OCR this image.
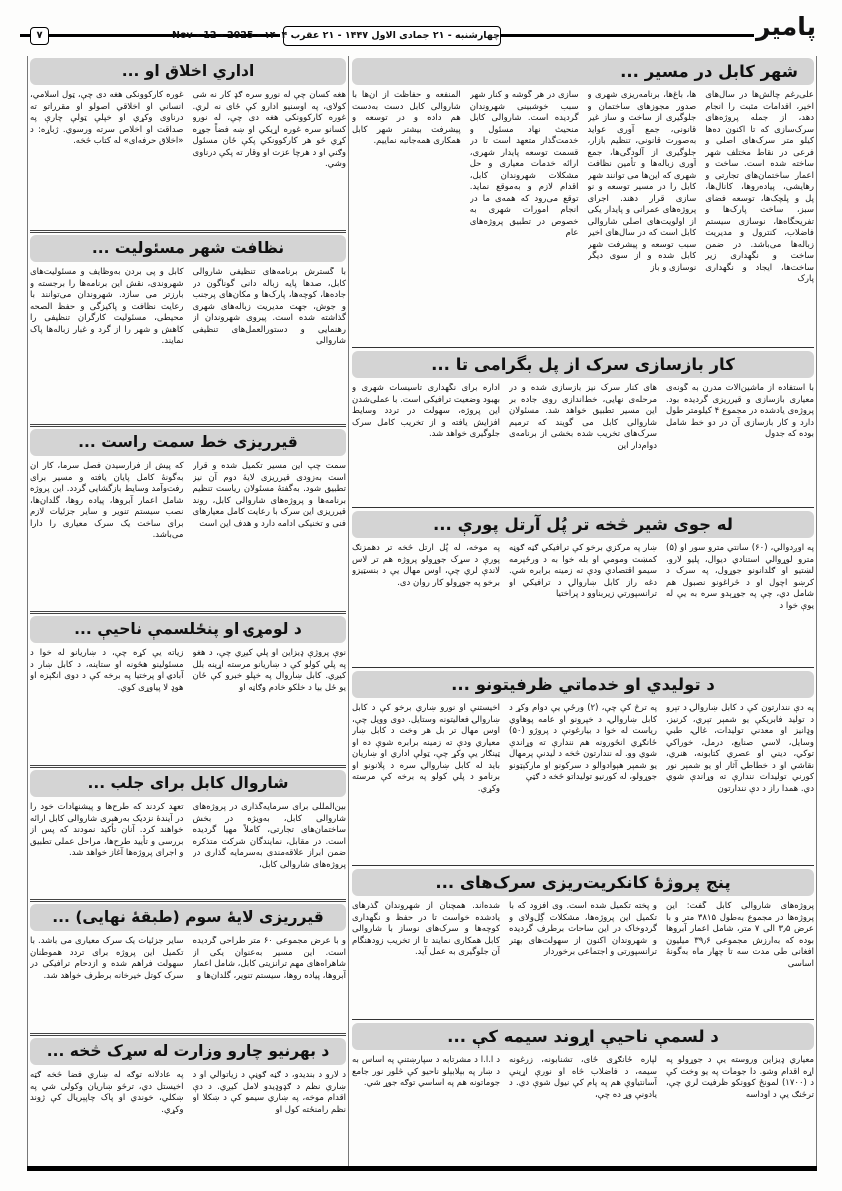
پامیر
چهارشنبه - ۲۱ جمادی الاول ۱۴۴۷ - ۲۱ عقرب ۱۴۰۴ - Nov - 12 - 2025
۷
شهر کابل در مسیر ...
علی‌رغم چالش‌ها در سال‌های اخیر، اقدامات مثبت را انجام دهد، از جمله پروژه‌های سرک‌سازی که تا اکنون ده‌ها کیلو متر سرک‌های اصلی و فرعی در نقاط مختلف شهر ساخته شده است. ساخت و اعمار ساختمان‌های تجارتی و رهایشی، پیاده‌روها، کانال‌ها، پل و پلچک‌ها، توسعه فضای سبز، ساخت پارک‌ها و تفریحگاه‌ها، نوسازی سیستم فاضلاب، کنترول و مدیریت زباله‌ها می‌باشد. در ضمن ساخت و نگهداری زیر ساخت‌ها، ایجاد و نگهداری پارک
ها، باغ‌ها، برنامه‌ریزی شهری و صدور مجوزهای ساختمان و جلوگیری از ساخت و ساز غیر قانونی، جمع آوری عواید به‌صورت قانونی، تنظیم بازار، جلوگیری از آلودگی‌ها، جمع آوری زباله‌ها و تأمین نظافت شهری که این‌ها می توانند شهر کابل را در مسیر توسعه و نو سازی قرار دهند. اجرای پروژه‌های عمرانی و پایدار یکی از اولویت‌های اصلی شاروالی کابل است که در سال‌های اخیر سبب توسعه و پیشرفت شهر کابل شده و از سوی دیگر نوسازی و باز
سازی در هر گوشه و کنار شهر سبب خوشبینی شهروندان گردیده است. شاروالی کابل منحیث نهاد مسئول و خدمت‌گذار متعهد است تا در قسمت توسعه پایدار شهری، ارائه خدمات معیاری و حل مشکلات شهروندان کابل، اقدام لازم و به‌موقع نماید. توقع می‌رود که همه‌ی ما در انجام امورات شهری به خصوص در تطبیق پروژه‌های عام
المنفعه و حفاظت از آن‌ها با شاروالی کابل دست به‌دست هم داده و در توسعه و پیشرفت بیشتر شهر کابل همکاری همه‌جانبه نماییم.
کار بازسازی سرک از پل بگرامی تا ...
با استفاده از ماشین‌آلات مدرن به گونه‌ی معیاری بازسازی و قیرریزی گردیده بود. پروژه‌ی یادشده در مجموع ۴ کیلومتر طول دارد و کار بازسازی آن در دو خط شامل بوده که جدول
های کنار سرک نیز بازسازی شده و در مرحله‌ی نهایی، خط‌اندازی روی جاده بر این مسیر تطبیق خواهد شد. مسئولان شاروالی کابل می گویند که ترمیم سرک‌های تخریب شده بخشی از برنامه‌ی دوام‌دار این
اداره برای نگهداری تأسیسات شهری و بهبود وضعیت ترافیکی است. با عملی‌شدن این پروژه، سهولت در تردد وسایط افزایش یافته و از تخریب کامل سرک جلوگیری خواهد شد.
له جوی شیر څخه تر پُل آرتل پورې ...
په اوږدوالي، (۶۰) سانتي مترو سور او (۵) مترو لوړوالي استنادي دیوال، پلیو لارو، لښتیو او ګلدانونو جوړول، په سرک د کرښو اچول او د څراغونو نصبول هم شامل دي، چې په جوړېدو سره به یې له یوې خوا د
ښار په مرکزي برخو کې ترافیکي ګڼه ګوڼه کمښت ومومي او بله خوا به د ورځپرمه سیمو اقتصادي ودې ته زمینه برابره شي. دغه راز کابل ښاروالۍ د ترافیکي او ترانسپورتي زیربناوو د پراختیا
په موخه، له پُل آرتل څخه تر دهمزنګ پورې د سړک جوړولو پروژه هم تر لاس لاندې لري چې، اوس مهال یې د بنسټیزو برخو په جوړولو کار روان دی.
د تولیدي او خدماتي ظرفیتونو ...
په دې نندارتون کې د کابل ښاروالۍ د تېرو د تولید فابریکې یو شمېر تېري، کرنیز، وډانیز او معدني تولیدات، غالۍ، طبي وسایل، لاسي صنایع، درمل، خوراکي توکي، دیني او عصري کتابونه، هنري، نقاشي او د خطاطۍ آثار او یو شمېر نور کورني تولیدات نندارې ته وړاندې شوي دي. همدا راز د دې نندارتون
په ترڅ کې چې، (۲) ورځې یې دوام وکړ د کابل ښاروالۍ، د خپرونو او عامه پوهاوي ریاست له خوا د بیارغونې د پروژو (۵۰) ځانګړي انځورونه هم نندارې ته وړاندې شوي وو. له نندارتون څخه د لیدنې پرمهال یو شمېر هېوادوالو د سرکونو او مارکېټونو جوړولو، له کورنیو تولیداتو څخه د ګټې
اخیستنې او نورو ښاري برخو کې د کابل ښاروالۍ فعالیتونه وستایل. دوی وویل چې، اوس مهال تر بل هر وخت د کابل ښار معیاري ودې ته زمینه برابره شوې ده او ټینګار یې وکړ چې، ټولې اداري او ښاریان باید له کابل ښاروالۍ سره د پلانونو او برنامو د پلي کولو په برخه کې مرسته وکړي.
پنج پروژهٔ کانکریت‌ریزی سرک‌های ...
پروژه‌های شاروالی کابل گفت: این پروژه‌ها در مجموع به‌طول ۳۸۱۵ متر و با عرض ۳٫۵ الی ۷ متر، شامل اعمار آبروها بوده که به‌ارزش مجموعی ۳۹٫۶ میلیون افغانی طی مدت سه تا چهار ماه به‌گونهٔ اساسی
و پخته تکمیل شده است. وی افزود که با تکمیل این پروژه‌ها، مشکلات گِل‌ولای و گردوخاک در این ساحات برطرف گردیده و شهروندان اکنون از سهولت‌های بهتر ترانسپورتی و اجتماعی برخوردار
شده‌اند. همچنان از شهروندان گذرهای یادشده خواست تا در حفظ و نگهداری کوچه‌ها و سرک‌های نوساز با شاروالی کابل همکاری نمایند تا از تخریب زودهنگام آن جلوگیری به عمل آید.
د لسمې ناحیې اړوند سیمه کې ...
معیاري ډیزاین وروسته یې د جوړولو په اړه اقدام وشو. دا جومات په یو وخت کې د (۱۷۰۰) لمونځ کوونکو ظرفیت لري چې، ترڅنګ یې د اوداسه
لپاره ځانګړی ځای، تشنابونه، زرغونه سیمه، د فاضلاب څاه او نورې اړینې آسانتیاوې هم په پام کې نیول شوې دي. د یادونې وړ ده چې،
د ا.ا.ا د مشرتابه د سپارښتنې په اساس به د ښار په بېلابېلو ناحیو کې څلور نور جامع جوماتونه هم په اساسي توګه جوړ شي.
اداري اخلاق او ...
هغه کسان چې له نورو سره ګډ کار نه شی کولای، په اوسنیو ادارو کې ځای نه لري. غوره کارکوونکی هغه دی چې، له نورو کسانو سره غوره اړیکي او ښه فضاً جوړه کړي څو هر کارکوونکي پکې ځان مسئول وګني او د هرچا عزت او وقار ته پکې درناوی وشي.
غوره کارکوونکی هغه دی چې، ټول اسلامي، انساني او اخلاقي اصولو او مقرراتو ته درناوی وکړي او خپلې ټولې چارې په صداقت او اخلاص سرته ورسوي. ژباړه: د «اخلاق حرفه‌ای» له کتاب څخه.
نظافت شهر مسئولیت ...
با گسترش برنامه‌های تنظیفی شاروالی کابل، صدها پایه زباله دانی گوناگون در جاده‌ها، کوچه‌ها، پارک‌ها و مکان‌های پرجنب و جوش، جهت مدیریت زباله‌های شهری گذاشته شده است. پیروی شهروندان از رهنمایی و دستورالعمل‌های تنظیفی شاروالی
کابل و پی بردن به‌وظایف و مسئولیت‌های شهروندی، نقش این برنامه‌ها را برجسته و بارزتر می سازد. شهروندان می‌توانند با رعایت نظافت و پاکیزگی و حفظ الصحه محیطی، مسئولیت کارگران تنظیفی را کاهش و شهر را از گرد و غبار زباله‌ها پاک نمایند.
قیرریزی خط سمت راست ...
سمت چپ این مسیر تکمیل شده و قرار است به‌زودی قیرریزی لایهٔ دوم آن نیز تطبیق شود. به‌گفتهٔ مسئولان ریاست تنظیم برنامه‌ها و پروژه‌های شاروالی کابل، روند قیرریزی این سرک با رعایت کامل معیارهای فنی و تخنیکی ادامه دارد و هدف این است
که پیش از فرارسیدن فصل سرما، کار آن به‌گونهٔ کامل پایان یافته و مسیر برای رفت‌وآمد وسایط بازگشایی گردد. این پروژه شامل اعمار آبروها، پیاده روها، گلدان‌ها، نصب سیستم تنویر و سایر جزئیات لازم برای ساخت یک سرک معیاری را دارا می‌باشد.
د لومړۍ او پنځلسمې ناحیې ...
نوې پروژې ډیزاین او پلي کیږي چې، د هغو په پلي کولو کې د ښاریانو مرسته اړینه بلل کیږي. کابل ښاروال په خپلو خبرو کې ځان یو ځل بیا د خلکو خادم وګاڼه او
زیاته یې کړه چې، د ښاریانو له خوا د مسئولینو هڅونه او ستاینه، د کابل ښار د آبادۍ او پرختیا په برخه کې د دوی انګېزه او هوډ لا پیاوړی کوي.
شاروال کابل برای جلب ...
بین‌المللی برای سرمایه‌گذاری در پروژه‌های شاروالی کابل، به‌ویژه در بخش ساختمان‌های تجارتی، کاملاً مهیا گردیده است. در مقابل، نمایندگان شرکت متذکره ضمن ابراز علاقه‌مندی به‌سرمایه گذاری در پروژه‌های شاروالی کابل،
تعهد کردند که طرح‌ها و پیشنهادات خود را در آیندهٔ نزدیک به‌رهبری شاروالی کابل ارائه خواهند کرد. آنان تأکید نمودند که پس از بررسی و تأیید طرح‌ها، مراحل عملی تطبیق و اجرای پروژه‌ها آغاز خواهد شد.
قیرریزی لایهٔ سوم (طبقهٔ نهایی) ...
و با عرض مجموعی ۶۰ متر طراحی گردیده است. این مسیر به‌عنوان یکی از شاهراه‌های مهم ترانزیتی کابل، شامل اعمار آبروها، پیاده روها، سیستم تنویر، گلدان‌ها و
سایر جزئیات یک سرک معیاری می باشد. با تکمیل این پروژه برای تردد هموطنان سهولت فراهم شده و ازدحام ترافیکی در سرک کوتل خیرخانه برطرف خواهد شد.
د بهرنیو چارو وزارت له سړک څخه ...
د لارو د بندیدو، د ګڼه ګوڼې د زیاتوالي او د ښاري نظم د ګډوډیدو لامل کیږي. د دې اقدام موخه، په ښاري سیمو کې د ښکلا او نظم رامنځته کول او
په عادلانه توګه له ښاري فضاً څخه ګټه اخیستل دي، ترڅو ښاریان وکولی شي په ښکلي، خوندي او پاک چاپېریال کې ژوند وکړي.
